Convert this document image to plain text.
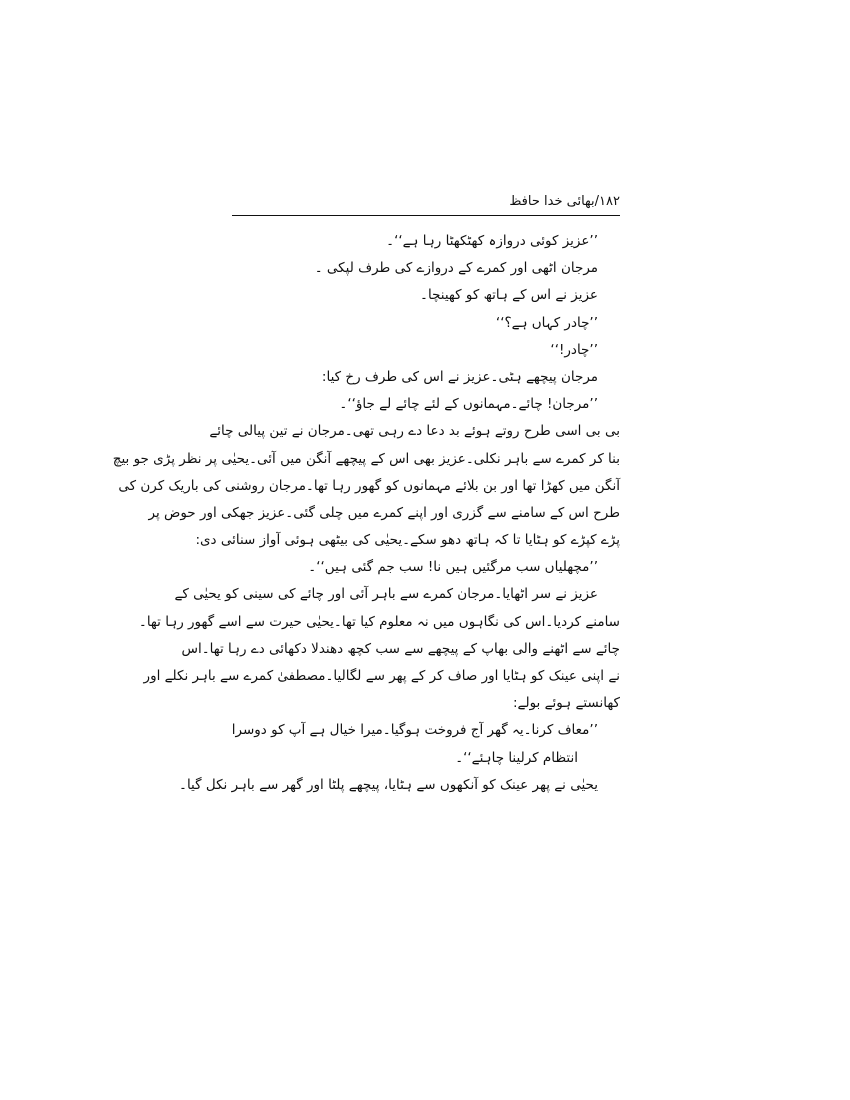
۱۸۲/بھائی خدا حافظ
’’عزیز کوئی دروازہ کھٹکھٹا رہا ہے‘‘۔
مرجان اٹھی اور کمرے کے دروازے کی طرف لپکی ۔
عزیز نے اس کے ہاتھ کو کھینچا۔
’’چادر کہاں ہے؟‘‘
’’چادر!‘‘
مرجان پیچھے ہٹی۔عزیز نے اس کی طرف رخ کیا:
’’مرجان! چائے۔مہمانوں کے لئے چائے لے جاؤ‘‘۔
بی بی اسی طرح روتے ہوئے بد دعا دے رہی تھی۔مرجان نے تین پیالی چائے
بنا کر کمرے سے باہر نکلی۔عزیز بھی اس کے پیچھے آنگن میں آئی۔یحیٰی پر نظر پڑی جو بیچ
آنگن میں کھڑا تھا اور بن بلائے مہمانوں کو گھور رہا تھا۔مرجان روشنی کی باریک کرن کی
طرح اس کے سامنے سے گزری اور اپنے کمرے میں چلی گئی۔عزیز جھکی اور حوض پر
پڑے کپڑے کو ہٹایا تا کہ ہاتھ دھو سکے۔یحیٰی کی بیٹھی ہوئی آواز سنائی دی:
’’مچھلیاں سب مرگئیں ہیں نا! سب جم گئی ہیں‘‘۔
عزیز نے سر اٹھایا۔مرجان کمرے سے باہر آئی اور چائے کی سینی کو یحیٰی کے
سامنے کردیا۔اس کی نگاہوں میں نہ معلوم کیا تھا۔یحیٰی حیرت سے اسے گھور رہا تھا۔
چائے سے اٹھنے والی بھاپ کے پیچھے سے سب کچھ دھندلا دکھائی دے رہا تھا۔اس
نے اپنی عینک کو ہٹایا اور صاف کر کے پھر سے لگالیا۔مصطفیٰ کمرے سے باہر نکلے اور
کھانستے ہوئے بولے:
’’معاف کرنا۔یہ گھر آج فروخت ہوگیا۔میرا خیال ہے آپ کو دوسرا
انتظام کرلینا چاہئے‘‘۔
یحیٰی نے پھر عینک کو آنکھوں سے ہٹایا، پیچھے پلٹا اور گھر سے باہر نکل گیا۔
